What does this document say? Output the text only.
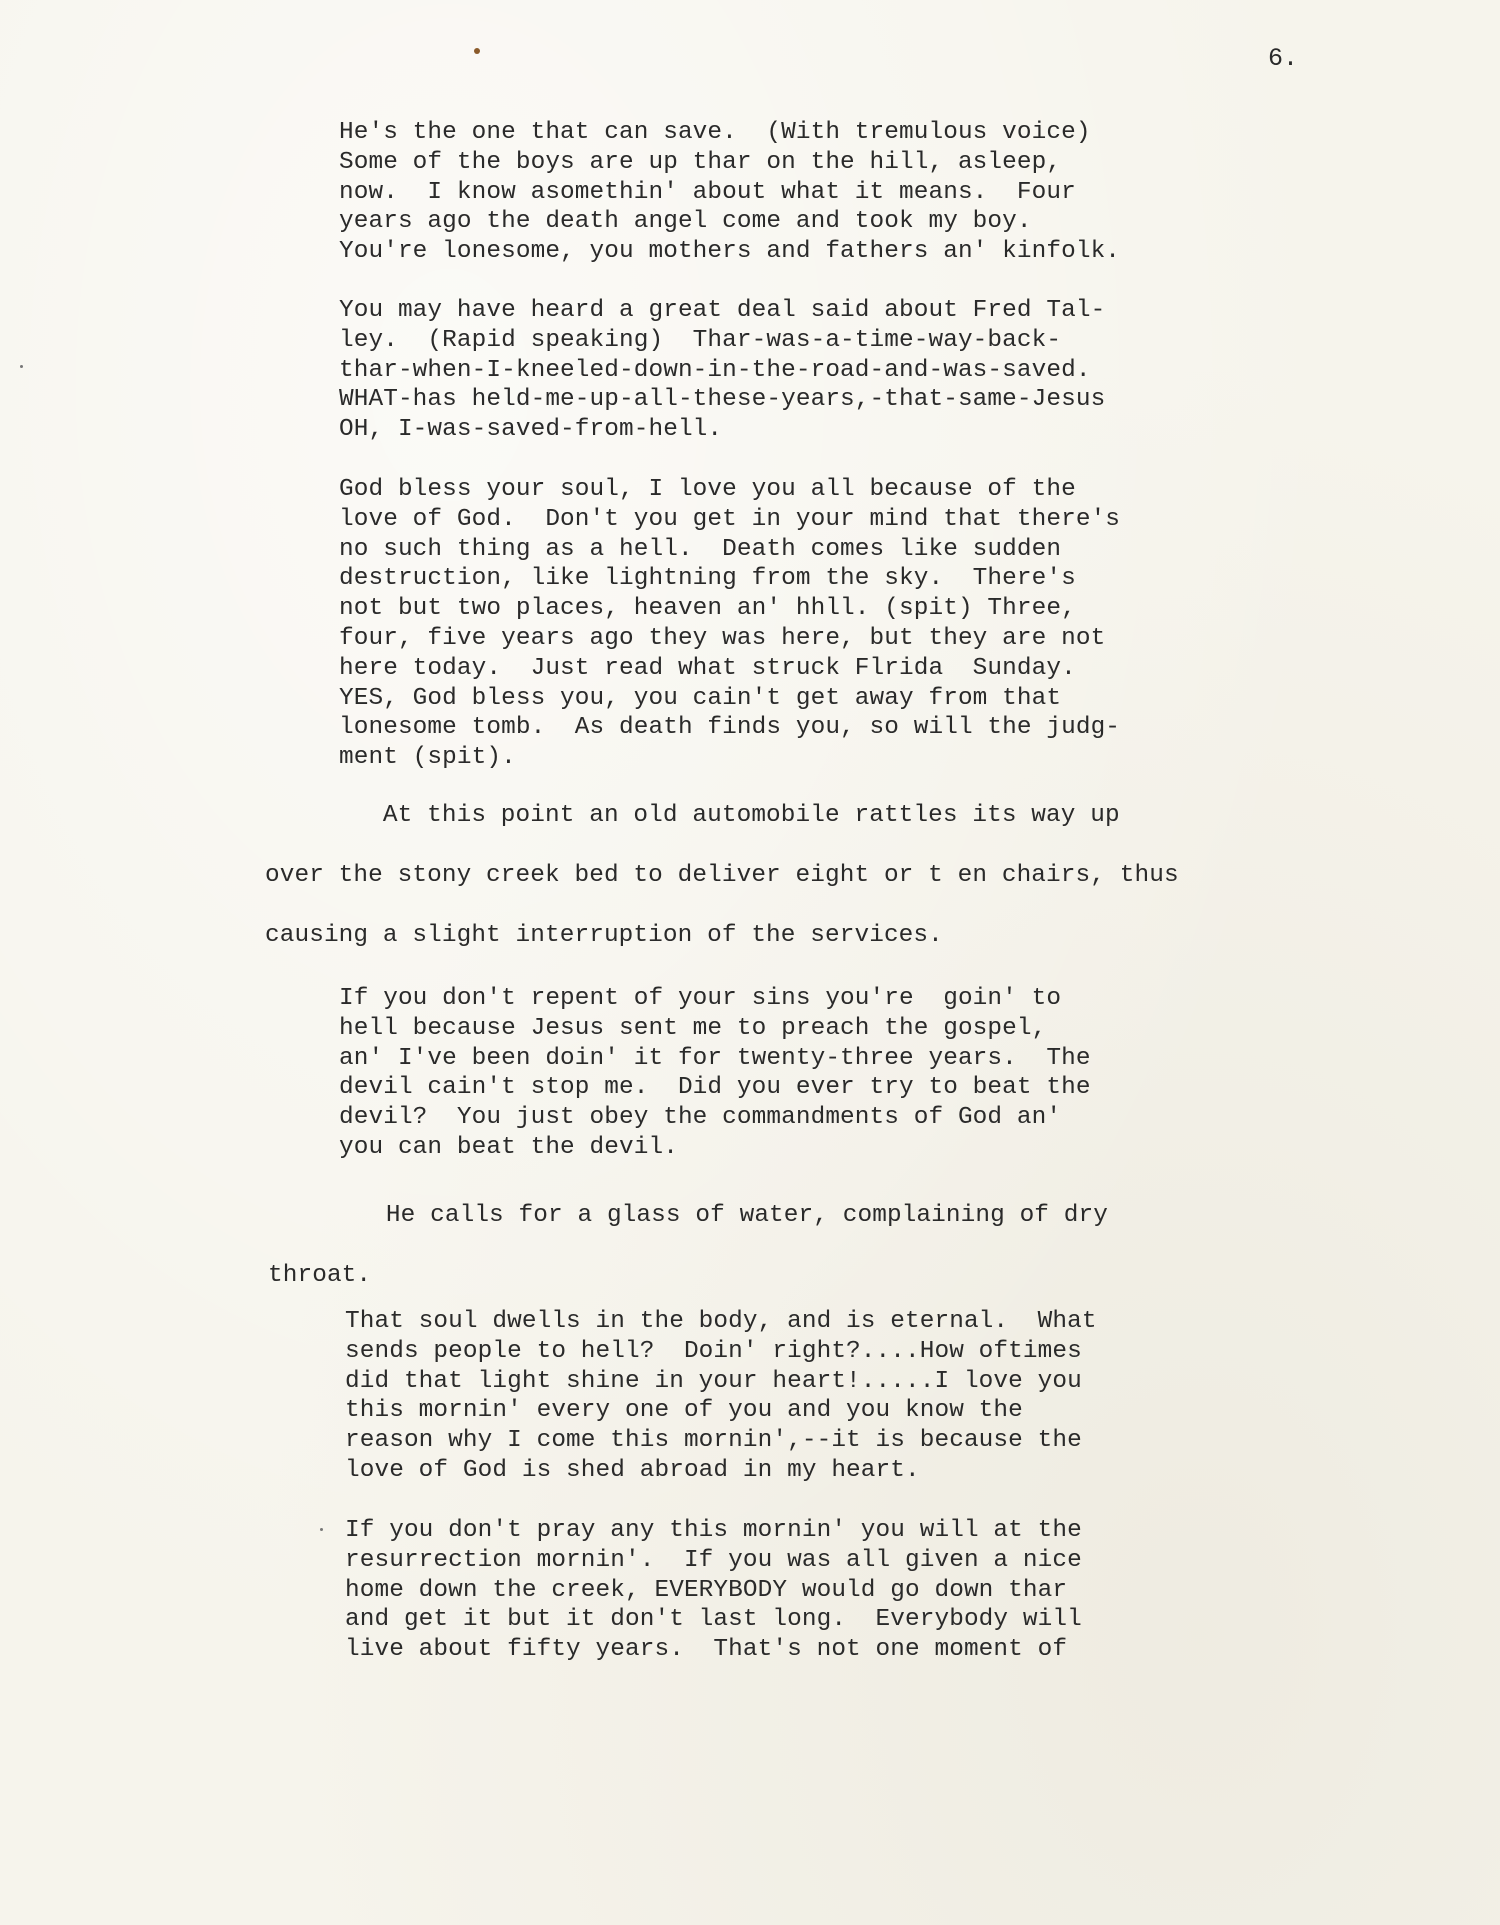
6.
He's the one that can save.  (With tremulous voice)
Some of the boys are up thar on the hill, asleep,
now.  I know asomethin' about what it means.  Four
years ago the death angel come and took my boy.
You're lonesome, you mothers and fathers an' kinfolk.
You may have heard a great deal said about Fred Tal-
ley.  (Rapid speaking)  Thar-was-a-time-way-back-
thar-when-I-kneeled-down-in-the-road-and-was-saved.
WHAT-has held-me-up-all-these-years,-that-same-Jesus
OH, I-was-saved-from-hell.
God bless your soul, I love you all because of the
love of God.  Don't you get in your mind that there's
no such thing as a hell.  Death comes like sudden
destruction, like lightning from the sky.  There's
not but two places, heaven an' hhll. (spit) Three,
four, five years ago they was here, but they are not
here today.  Just read what struck Flrida  Sunday.
YES, God bless you, you cain't get away from that
lonesome tomb.  As death finds you, so will the judg-
ment (spit).
At this point an old automobile rattles its way up
over the stony creek bed to deliver eight or t en chairs, thus
causing a slight interruption of the services.
If you don't repent of your sins you're  goin' to
hell because Jesus sent me to preach the gospel,
an' I've been doin' it for twenty-three years.  The
devil cain't stop me.  Did you ever try to beat the
devil?  You just obey the commandments of God an'
you can beat the devil.
He calls for a glass of water, complaining of dry
throat.
That soul dwells in the body, and is eternal.  What
sends people to hell?  Doin' right?....How oftimes
did that light shine in your heart!.....I love you
this mornin' every one of you and you know the
reason why I come this mornin',--it is because the
love of God is shed abroad in my heart.
If you don't pray any this mornin' you will at the
resurrection mornin'.  If you was all given a nice
home down the creek, EVERYBODY would go down thar
and get it but it don't last long.  Everybody will
live about fifty years.  That's not one moment of
